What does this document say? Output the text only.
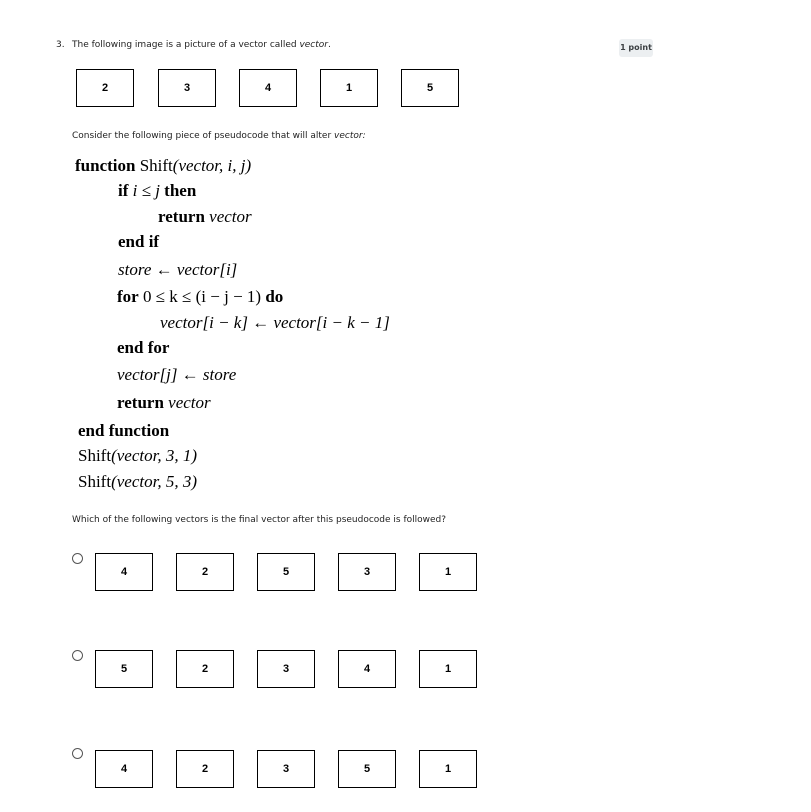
3. The following image is a picture of a vector called vector.	1 point
2	3	4	1	5
Consider the following piece of pseudocode that will alter vector:
function Shift(vector, i, j)
if i ≤ j then
return vector
end if
store ← vector[i]
for 0 ≤ k ≤ (i − j − 1) do
vector[i − k] ← vector[i − k − 1]
end for
vector[j] ← store
return vector
end function
Shift(vector, 3, 1)
Shift(vector, 5, 3)
Which of the following vectors is the final vector after this pseudocode is followed?
4	2	5	3	1
5	2	3	4	1
4	2	3	5	1
